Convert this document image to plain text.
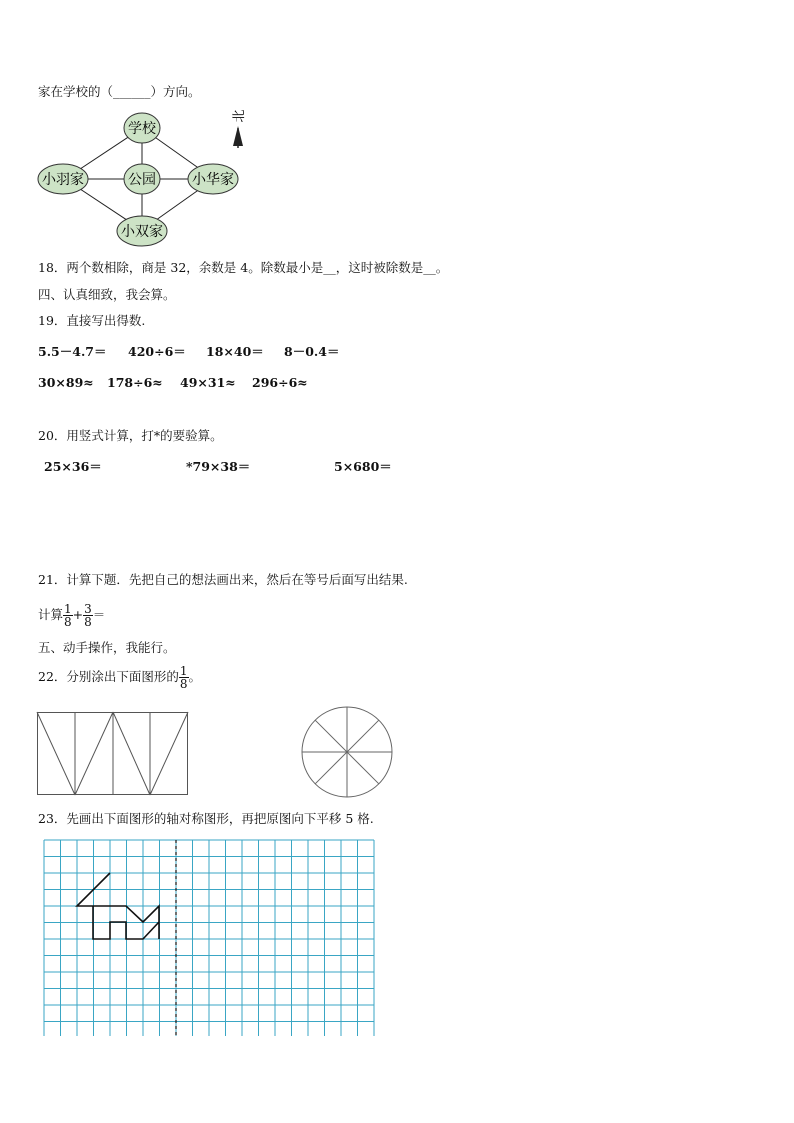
家在学校的（______）方向。
学校
公园
小羽家	小华家
小双家
北
18．两个数相除，商是 32，余数是 4。除数最小是__，这时被除数是__。
四、认真细致，我会算。
19．直接写出得数.
5.5－4.7＝ 420÷6＝ 18×40＝ 8－0.4＝
30×89≈ 178÷6≈ 49×31≈ 296÷6≈
20．用竖式计算，打*的要验算。
25×36＝	*79×38＝	5×680＝
21．计算下题．先把自己的想法画出来，然后在等号后面写出结果.
计算 $\frac{1}{8} + \frac{3}{8}$ ＝
五、动手操作，我能行。
22．分别涂出下面图形的 $\frac{1}{8}$ 。
23．先画出下面图形的轴对称图形，再把原图向下平移 5 格.
